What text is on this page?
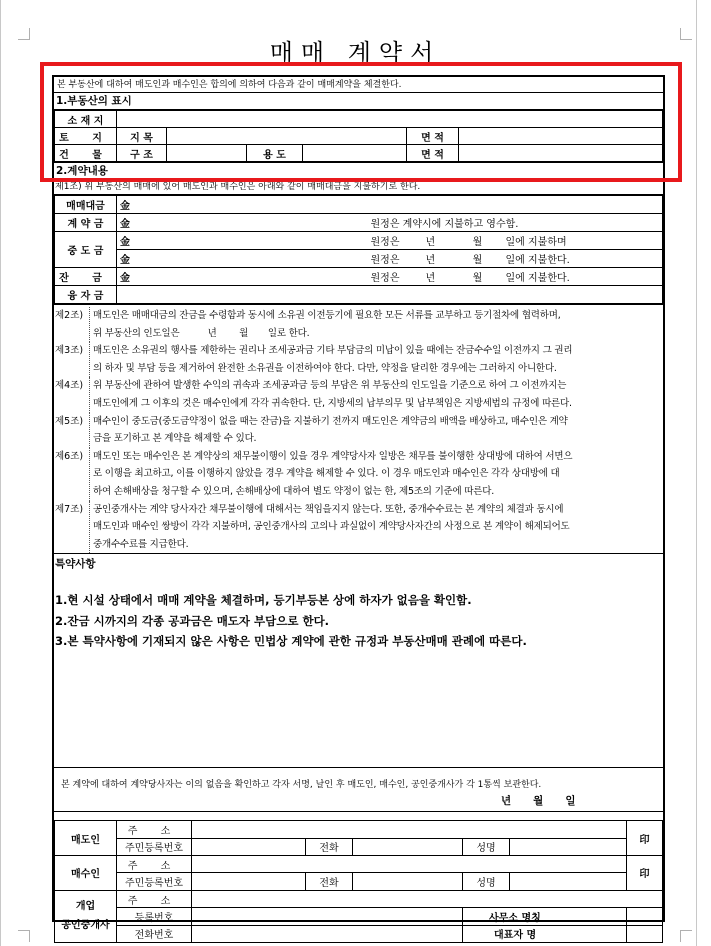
매매 계약서
본 부동산에 대하여 매도인과 매수인은 합의에 의하여 다음과 같이 매매계약을 체결한다.
1.부동산의 표시
소 재 지						
토 지	지 목				면 적	
건 물	구 조		용 도		면 적	
2.계약내용
제1조) 위 부동산의 매매에 있어 매도인과 매수인은 아래와 같이 매매대금을 지불하기로 한다.
매매대금	金				
계 약 금	金	원정은 계약시에 지불하고 영수함.			
중 도 금	金	원정은	년	월	일에 지불하며
	金	원정은	년	월	일에 지불한다.
잔 금	金	원정은	년	월	일에 지불한다.
융 자 금					
제2조)	매도인은 매매대금의 잔금을 수령함과 동시에 소유권 이전등기에 필요한 모든 서류를 교부하고 등기절차에 협력하며,
위 부동산의 인도일은          년        월       일로 한다.
제3조)	매도인은 소유권의 행사를 제한하는 권리나 조세공과금 기타 부담금의 미납이 있을 때에는 잔금수수일 이전까지 그 권리
의 하자 및 부담 등을 제거하여 완전한 소유권을 이전하여야 한다. 다만, 약정을 달리한 경우에는 그러하지 아니한다.
제4조)	위 부동산에 관하여 발생한 수익의 귀속과 조세공과금 등의 부담은 위 부동산의 인도일을 기준으로 하여 그 이전까지는
매도인에게 그 이후의 것은 매수인에게 각각 귀속한다. 단, 지방세의 납부의무 및 납부책임은 지방세법의 규정에 따른다.
제5조)	매수인이 중도금(중도금약정이 없을 때는 잔금)을 지불하기 전까지 매도인은 계약금의 배액을 배상하고, 매수인은 계약
금을 포기하고 본 계약을 해제할 수 있다.
제6조)	매도인 또는 매수인은 본 계약상의 채무불이행이 있을 경우 계약당사자 일방은 채무를 불이행한 상대방에 대하여 서면으
로 이행을 최고하고, 이를 이행하지 않았을 경우 계약을 해제할 수 있다. 이 경우 매도인과 매수인은 각각 상대방에 대
하여 손해배상을 청구할 수 있으며, 손해배상에 대하여 별도 약정이 없는 한, 제5조의 기준에 따른다.
제7조)	공인중개사는 계약 당사자간 채무불이행에 대해서는 책임을지지 않는다. 또한, 중개수수료는 본 계약의 체결과 동시에
매도인과 매수인 쌍방이 각각 지불하며, 공인중개사의 고의나 과실없이 계약당사자간의 사정으로 본 계약이 해제되어도
중개수수료를 지급한다.
특약사항
1.현 시설 상태에서 매매 계약을 체결하며, 등기부등본 상에 하자가 없음을 확인함.
2.잔금 시까지의 각종 공과금은 매도자 부담으로 한다.
3.본 특약사항에 기재되지 않은 사항은 민법상 계약에 관한 규정과 부동산매매 관례에 따른다.
본 계약에 대하여 계약당사자는 이의 없음을 확인하고 각자 서명, 날인 후 매도인, 매수인, 공인중개사가 각 1통씩 보관한다.
년 월 일
매도인	주 소						印
	주민등록번호		전화		성명		
매수인	주 소						印
	주민등록번호		전화		성명		

개업
공인중개사	주 소						
	등록번호				사무소 명칭		
	전화번호				대표자 명		
